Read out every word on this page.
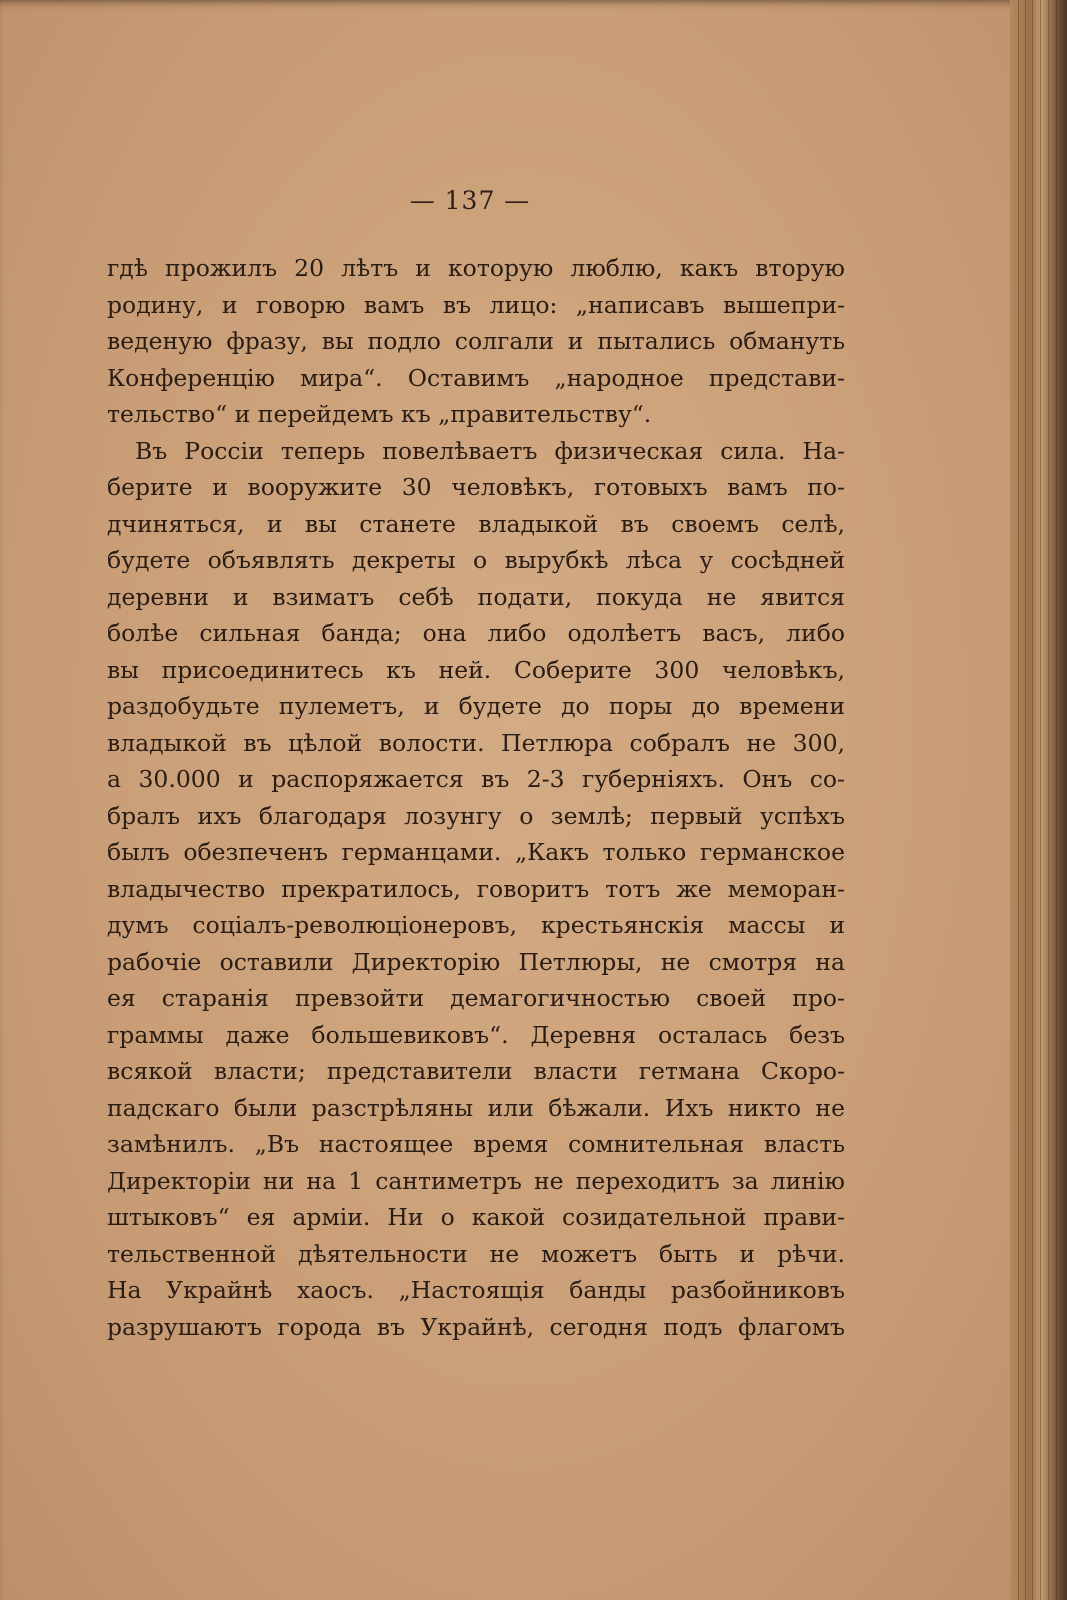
— 137 —
гдѣ прожилъ 20 лѣтъ и которую люблю, какъ вторую
родину, и говорю вамъ въ лицо: „написавъ вышепри-
веденую фразу, вы подло солгали и пытались обмануть
Конференцію мира“. Оставимъ „народное представи-
тельство“ и перейдемъ къ „правительству“.
Въ Россіи теперь повелѣваетъ физическая сила. На-
берите и вооружите 30 человѣкъ, готовыхъ вамъ по-
дчиняться, и вы станете владыкой въ своемъ селѣ,
будете объявлять декреты о вырубкѣ лѣса у сосѣдней
деревни и взиматъ себѣ подати, покуда не явится
болѣе сильная банда; она либо одолѣетъ васъ, либо
вы присоединитесь къ ней. Соберите 300 человѣкъ,
раздобудьте пулеметъ, и будете до поры до времени
владыкой въ цѣлой волости. Петлюра собралъ не 300,
а 30.000 и распоряжается въ 2-3 губерніяхъ. Онъ со-
бралъ ихъ благодаря лозунгу о землѣ; первый успѣхъ
былъ обезпеченъ германцами. „Какъ только германское
владычество прекратилось, говоритъ тотъ же меморан-
думъ соціалъ-революціонеровъ, крестьянскія массы и
рабочіе оставили Директорію Петлюры, не смотря на
ея старанія превзойти демагогичностью своей про-
граммы даже большевиковъ“. Деревня осталась безъ
всякой власти; представители власти гетмана Скоро-
падскаго были разстрѣляны или бѣжали. Ихъ никто не
замѣнилъ. „Въ настоящее время сомнительная власть
Директоріи ни на 1 сантиметръ не переходитъ за линію
штыковъ“ ея арміи. Ни о какой созидательной прави-
тельственной дѣятельности не можетъ быть и рѣчи.
На Украйнѣ хаосъ. „Настоящія банды разбойниковъ
разрушаютъ города въ Украйнѣ, сегодня подъ флагомъ
